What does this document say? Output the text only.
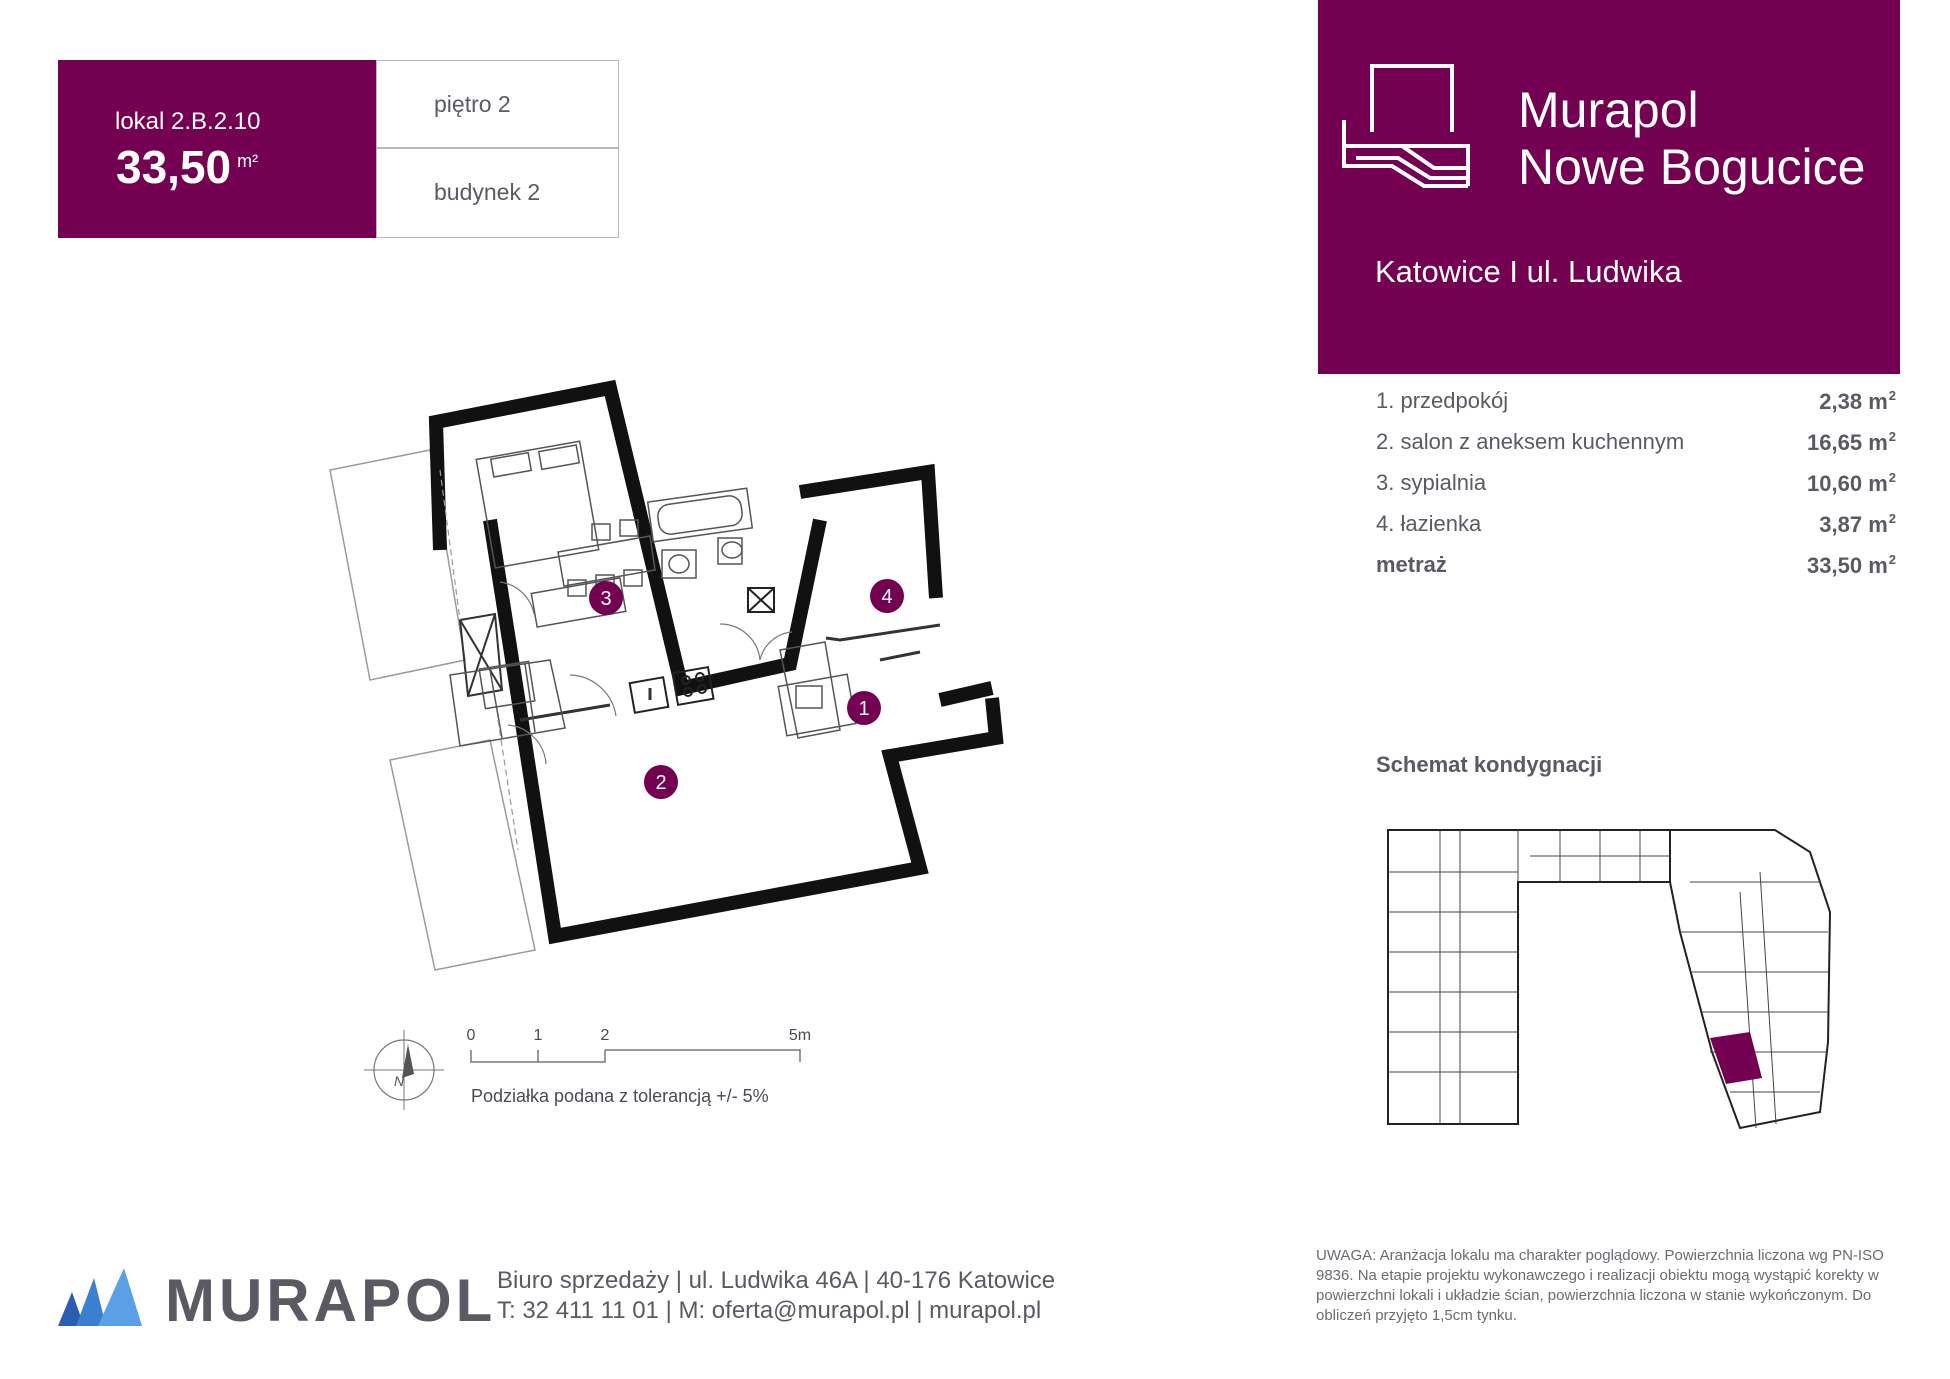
lokal 2.B.2.10
33,50 $^{m^2}$
piętro 2
budynek 2
Murapol
Nowe Bogucice
Katowice I ul. Ludwika
1. przedpokój	2,38 $m^2$
2. salon z aneksem kuchennym	16,65 $m^2$
3. sypialnia	10,60 $m^2$
4. łazienka	3,87 $m^2$
metraż	33,50 $m^2$
3	4
1
2
N
0	1	2	5m
Podziałka podana z tolerancją +/- 5%
Schemat kondygnacji
MURAPOL Biuro sprzedaży | ul. Ludwika 46A | 40-176 Katowice
T: 32 411 11 01 | M: oferta@murapol.pl | murapol.pl
UWAGA: Aranżacja lokalu ma charakter poglądowy. Powierzchnia liczona wg PN-ISO 9836. Na etapie projektu wykonawczego i realizacji obiektu mogą wystąpić korekty w powierzchni lokali i układzie ścian, powierzchnia liczona w stanie wykończonym. Do obliczeń przyjęto 1,5cm tynku.
